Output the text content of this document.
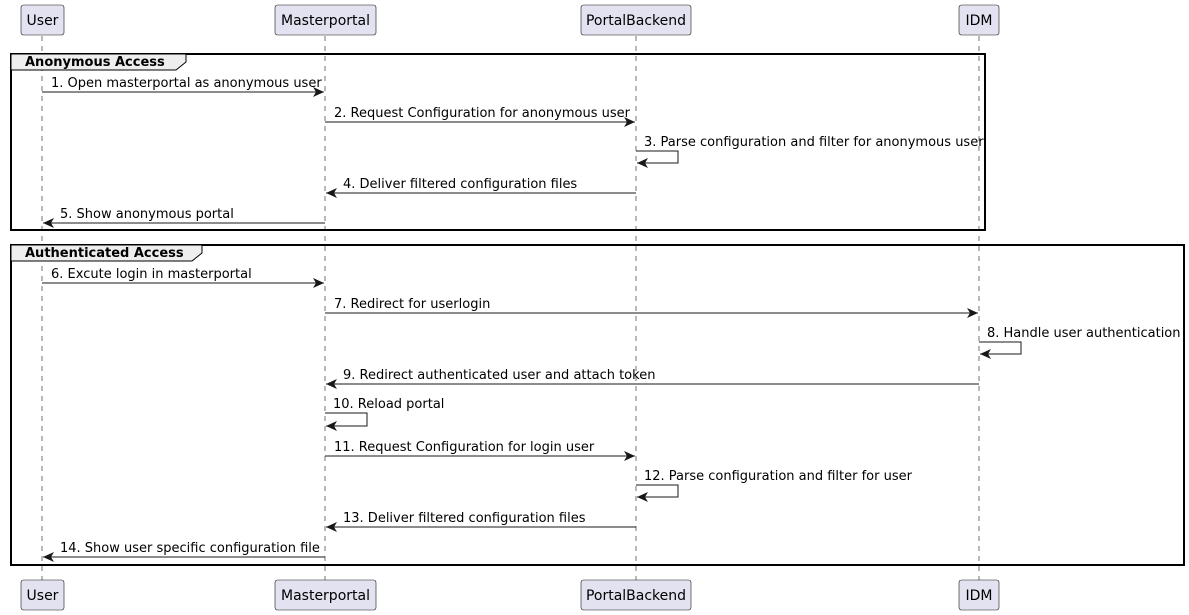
Anonymous Access
Authenticated Access
1. Open masterportal as anonymous user
2. Request Configuration for anonymous user
3. Parse configuration and filter for anonymous user
4. Deliver filtered configuration files
5. Show anonymous portal
6. Excute login in masterportal
7. Redirect for userlogin
8. Handle user authentication
9. Redirect authenticated user and attach token
10. Reload portal
11. Request Configuration for login user
12. Parse configuration and filter for user
13. Deliver filtered configuration files
14. Show user specific configuration file
User	Masterportal	PortalBackend	IDM
User	Masterportal	PortalBackend	IDM
